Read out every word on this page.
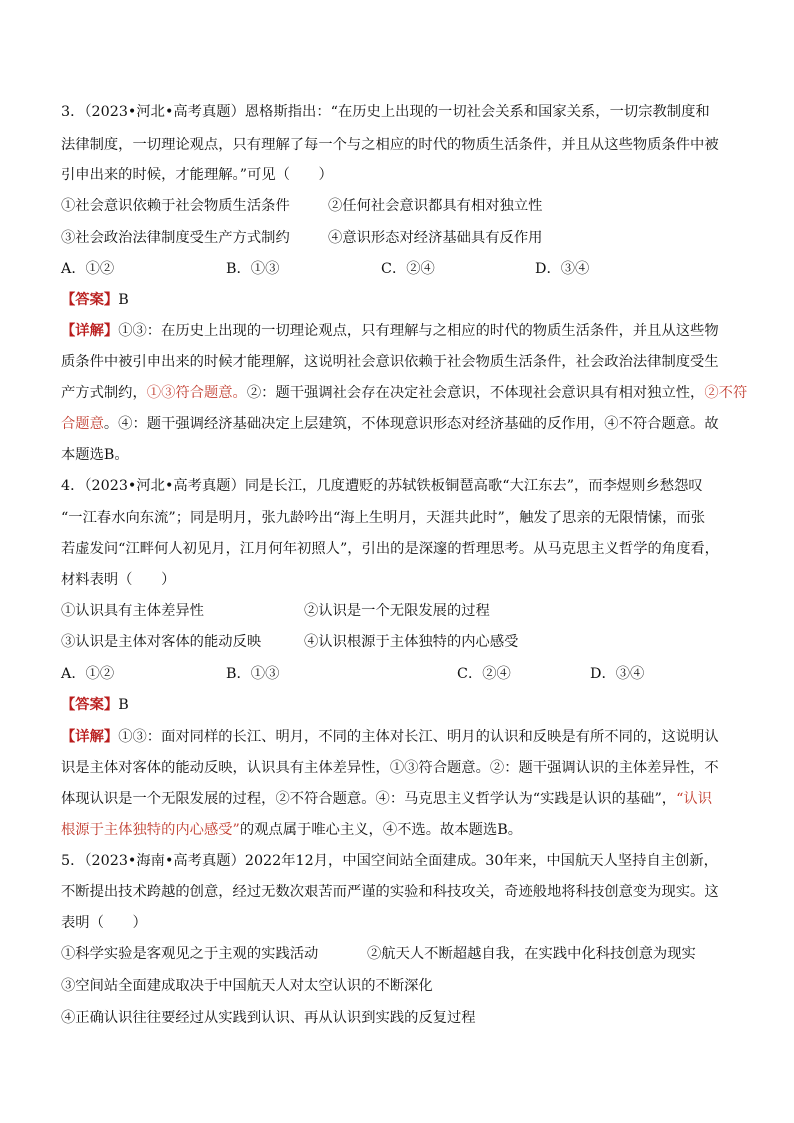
3．（2023•河北•高考真题）恩格斯指出：“在历史上出现的一切社会关系和国家关系，一切宗教制度和
法律制度，一切理论观点，只有理解了每一个与之相应的时代的物质生活条件，并且从这些物质条件中被
引申出来的时候，才能理解。”可见（　　）
①社会意识依赖于社会物质生活条件	②任何社会意识都具有相对独立性
③社会政治法律制度受生产方式制约	④意识形态对经济基础具有反作用
A．①②	B．①③	C．②④	D．③④
【答案】B
【详解】①③：在历史上出现的一切理论观点，只有理解与之相应的时代的物质生活条件，并且从这些物
质条件中被引申出来的时候才能理解，这说明社会意识依赖于社会物质生活条件，社会政治法律制度受生
产方式制约，①③符合题意。②：题干强调社会存在决定社会意识，不体现社会意识具有相对独立性，②不符
合题意。④：题干强调经济基础决定上层建筑，不体现意识形态对经济基础的反作用，④不符合题意。故
本题选B。
4．（2023•河北•高考真题）同是长江，几度遭贬的苏轼铁板铜琶高歌“大江东去”，而李煜则乡愁怨叹
“一江春水向东流”；同是明月，张九龄吟出“海上生明月，天涯共此时”，触发了思亲的无限情愫，而张
若虚发问“江畔何人初见月，江月何年初照人”，引出的是深邃的哲理思考。从马克思主义哲学的角度看，
材料表明（　　）
①认识具有主体差异性	②认识是一个无限发展的过程
③认识是主体对客体的能动反映	④认识根源于主体独特的内心感受
A．①②	B．①③	C．②④	D．③④
【答案】B
【详解】①③：面对同样的长江、明月，不同的主体对长江、明月的认识和反映是有所不同的，这说明认
识是主体对客体的能动反映，认识具有主体差异性，①③符合题意。②：题干强调认识的主体差异性，不
体现认识是一个无限发展的过程，②不符合题意。④：马克思主义哲学认为“实践是认识的基础”，“认识
根源于主体独特的内心感受”的观点属于唯心主义，④不选。故本题选B。
5．（2023•海南•高考真题）2022年12月，中国空间站全面建成。30年来，中国航天人坚持自主创新，
不断提出技术跨越的创意，经过无数次艰苦而严谨的实验和科技攻关，奇迹般地将科技创意变为现实。这
表明（　　）
①科学实验是客观见之于主观的实践活动	②航天人不断超越自我，在实践中化科技创意为现实
③空间站全面建成取决于中国航天人对太空认识的不断深化
④正确认识往往要经过从实践到认识、再从认识到实践的反复过程
